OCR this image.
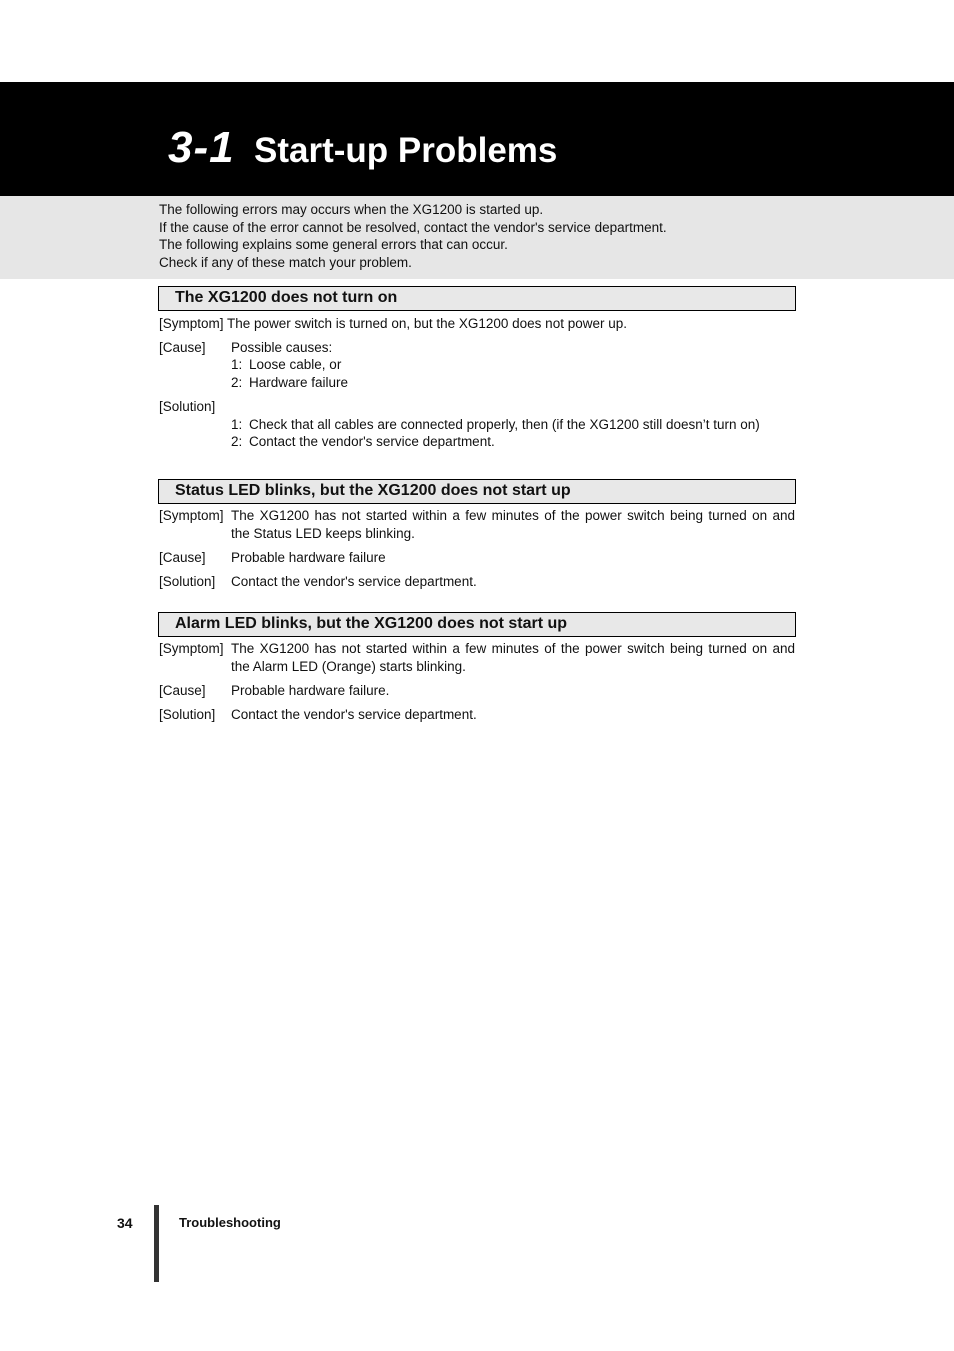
3-1 Start-up Problems
The following errors may occurs when the XG1200 is started up.
If the cause of the error cannot be resolved, contact the vendor's service department.
The following explains some general errors that can occur.
Check if any of these match your problem.
The XG1200 does not turn on
[Symptom] The power switch is turned on, but the XG1200 does not power up.
[Cause] Possible causes:
1: Loose cable, or
2: Hardware failure
[Solution]
1: Check that all cables are connected properly, then (if the XG1200 still doesn’t turn on)
2: Contact the vendor's service department.
Status LED blinks, but the XG1200 does not start up
[Symptom] The XG1200 has not started within a few minutes of the power switch being turned on and
the Status LED keeps blinking.
[Cause] Probable hardware failure
[Solution] Contact the vendor's service department.
Alarm LED blinks, but the XG1200 does not start up
[Symptom] The XG1200 has not started within a few minutes of the power switch being turned on and
the Alarm LED (Orange) starts blinking.
[Cause] Probable hardware failure.
[Solution] Contact the vendor's service department.
34	Troubleshooting
